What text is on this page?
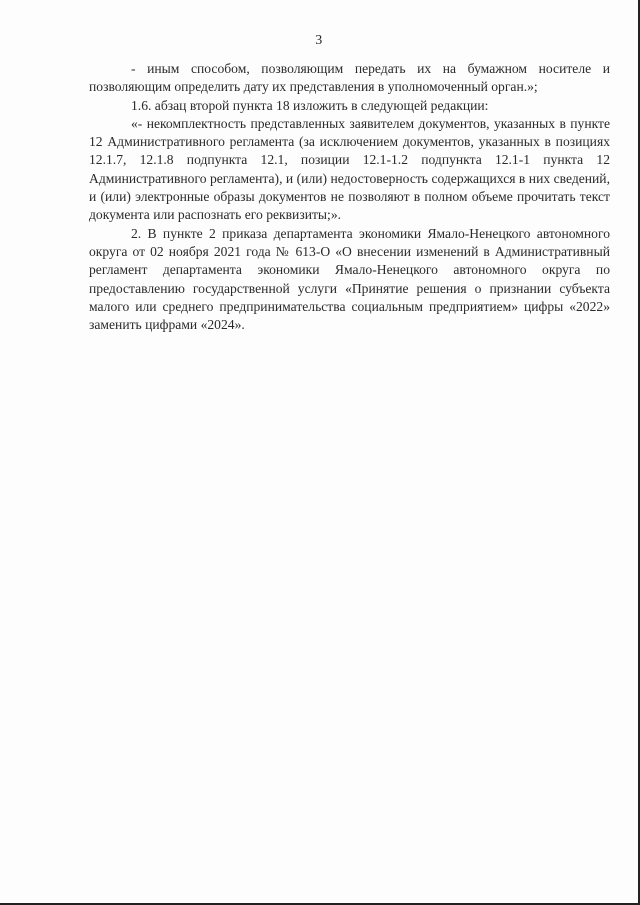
3

- иным способом, позволяющим передать их на бумажном носителе и позволяющим определить дату их представления в уполномоченный орган.»;

1.6. абзац второй пункта 18 изложить в следующей редакции:

«- некомплектность представленных заявителем документов, указанных в пункте 12 Административного регламента (за исключением документов, указанных в позициях 12.1.7, 12.1.8 подпункта 12.1, позиции 12.1-1.2 подпункта 12.1-1 пункта 12 Административного регламента), и (или) недостоверность содержащихся в них сведений, и (или) электронные образы документов не позволяют в полном объеме прочитать текст документа или распознать его реквизиты;».

2. В пункте 2 приказа департамента экономики Ямало-Ненецкого автономного округа от 02 ноября 2021 года № 613-О «О внесении изменений в Административный регламент департамента экономики Ямало-Ненецкого автономного округа по предоставлению государственной услуги «Принятие решения о признании субъекта малого или среднего предпринимательства социальным предприятием» цифры «2022» заменить цифрами «2024».
